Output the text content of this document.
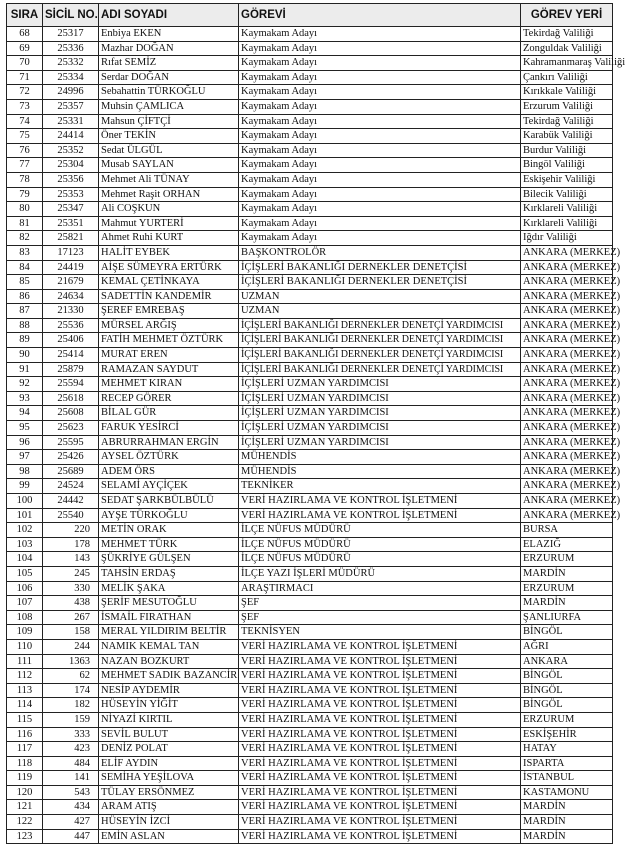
SIRA	SİCİL NO.	ADI SOYADI	GÖREVİ	GÖREV YERİ
68	25317	Enbiya EKEN	Kaymakam Adayı	Tekirdağ Valiliği
69	25336	Mazhar DOĞAN	Kaymakam Adayı	Zonguldak Valiliği
70	25332	Rıfat SEMİZ	Kaymakam Adayı	Kahramanmaraş Valiliği
71	25334	Serdar DOĞAN	Kaymakam Adayı	Çankırı Valiliği
72	24996	Sebahattin TÜRKOĞLU	Kaymakam Adayı	Kırıkkale Valiliği
73	25357	Muhsin ÇAMLICA	Kaymakam Adayı	Erzurum Valiliği
74	25331	Mahsun ÇİFTÇİ	Kaymakam Adayı	Tekirdağ Valiliği
75	24414	Öner TEKİN	Kaymakam Adayı	Karabük Valiliği
76	25352	Sedat ÜLGÜL	Kaymakam Adayı	Burdur Valiliği
77	25304	Musab SAYLAN	Kaymakam Adayı	Bingöl Valiliği
78	25356	Mehmet Ali TÜNAY	Kaymakam Adayı	Eskişehir Valiliği
79	25353	Mehmet Raşit ORHAN	Kaymakam Adayı	Bilecik Valiliği
80	25347	Ali COŞKUN	Kaymakam Adayı	Kırklareli Valiliği
81	25351	Mahmut YURTERİ	Kaymakam Adayı	Kırklareli Valiliği
82	25821	Ahmet Ruhi KURT	Kaymakam Adayı	Iğdır Valiliği
83	17123	HALİT EYBEK	BAŞKONTROLÖR	ANKARA (MERKEZ)
84	24419	AİŞE SÜMEYRA ERTÜRK	İÇİŞLERİ BAKANLIĞI DERNEKLER DENETÇİSİ	ANKARA (MERKEZ)
85	21679	KEMAL ÇETİNKAYA	İÇİŞLERİ BAKANLIĞI DERNEKLER DENETÇİSİ	ANKARA (MERKEZ)
86	24634	SADETTİN KANDEMİR	UZMAN	ANKARA (MERKEZ)
87	21330	ŞEREF EMREBAŞ	UZMAN	ANKARA (MERKEZ)
88	25536	MÜRSEL ARĞIŞ	İÇİŞLERİ BAKANLIĞI DERNEKLER DENETÇİ YARDIMCISI	ANKARA (MERKEZ)
89	25406	FATİH MEHMET ÖZTÜRK	İÇİŞLERİ BAKANLIĞI DERNEKLER DENETÇİ YARDIMCISI	ANKARA (MERKEZ)
90	25414	MURAT EREN	İÇİŞLERİ BAKANLIĞI DERNEKLER DENETÇİ YARDIMCISI	ANKARA (MERKEZ)
91	25879	RAMAZAN SAYDUT	İÇİŞLERİ BAKANLIĞI DERNEKLER DENETÇİ YARDIMCISI	ANKARA (MERKEZ)
92	25594	MEHMET KIRAN	İÇİŞLERİ UZMAN YARDIMCISI	ANKARA (MERKEZ)
93	25618	RECEP GÖRER	İÇİŞLERİ UZMAN YARDIMCISI	ANKARA (MERKEZ)
94	25608	BİLAL GÜR	İÇİŞLERİ UZMAN YARDIMCISI	ANKARA (MERKEZ)
95	25623	FARUK YESİRCİ	İÇİŞLERİ UZMAN YARDIMCISI	ANKARA (MERKEZ)
96	25595	ABRURRAHMAN ERGİN	İÇİŞLERİ UZMAN YARDIMCISI	ANKARA (MERKEZ)
97	25426	AYSEL ÖZTÜRK	MÜHENDİS	ANKARA (MERKEZ)
98	25689	ADEM ÖRS	MÜHENDİS	ANKARA (MERKEZ)
99	24524	SELAMİ AYÇİÇEK	TEKNİKER	ANKARA (MERKEZ)
100	24442	SEDAT ŞARKBÜLBÜLÜ	VERİ HAZIRLAMA VE KONTROL İŞLETMENİ	ANKARA (MERKEZ)
101	25540	AYŞE TÜRKOĞLU	VERİ HAZIRLAMA VE KONTROL İŞLETMENİ	ANKARA (MERKEZ)
102	220	METİN ORAK	İLÇE NÜFUS MÜDÜRÜ	BURSA
103	178	MEHMET TÜRK	İLÇE NÜFUS MÜDÜRÜ	ELAZIĞ
104	143	ŞÜKRİYE GÜLŞEN	İLÇE NÜFUS MÜDÜRÜ	ERZURUM
105	245	TAHSİN ERDAŞ	İLÇE YAZI İŞLERİ MÜDÜRÜ	MARDİN
106	330	MELİK ŞAKA	ARAŞTIRMACI	ERZURUM
107	438	ŞERİF MESUTOĞLU	ŞEF	MARDİN
108	267	İSMAİL FIRATHAN	ŞEF	ŞANLIURFA
109	158	MERAL YILDIRIM BELTİR	TEKNİSYEN	BİNGÖL
110	244	NAMIK KEMAL TAN	VERİ HAZIRLAMA VE KONTROL İŞLETMENİ	AĞRI
111	1363	NAZAN BOZKURT	VERİ HAZIRLAMA VE KONTROL İŞLETMENİ	ANKARA
112	62	MEHMET SADIK BAZANCİR	VERİ HAZIRLAMA VE KONTROL İŞLETMENİ	BİNGÖL
113	174	NESİP AYDEMİR	VERİ HAZIRLAMA VE KONTROL İŞLETMENİ	BİNGÖL
114	182	HÜSEYİN YİĞİT	VERİ HAZIRLAMA VE KONTROL İŞLETMENİ	BİNGÖL
115	159	NİYAZİ KIRTIL	VERİ HAZIRLAMA VE KONTROL İŞLETMENİ	ERZURUM
116	333	SEVİL BULUT	VERİ HAZIRLAMA VE KONTROL İŞLETMENİ	ESKİŞEHİR
117	423	DENİZ POLAT	VERİ HAZIRLAMA VE KONTROL İŞLETMENİ	HATAY
118	484	ELİF AYDIN	VERİ HAZIRLAMA VE KONTROL İŞLETMENİ	ISPARTA
119	141	SEMİHA YEŞİLOVA	VERİ HAZIRLAMA VE KONTROL İŞLETMENİ	İSTANBUL
120	543	TÜLAY ERSÖNMEZ	VERİ HAZIRLAMA VE KONTROL İŞLETMENİ	KASTAMONU
121	434	ARAM ATIŞ	VERİ HAZIRLAMA VE KONTROL İŞLETMENİ	MARDİN
122	427	HÜSEYİN İZCİ	VERİ HAZIRLAMA VE KONTROL İŞLETMENİ	MARDİN
123	447	EMİN ASLAN	VERİ HAZIRLAMA VE KONTROL İŞLETMENİ	MARDİN
